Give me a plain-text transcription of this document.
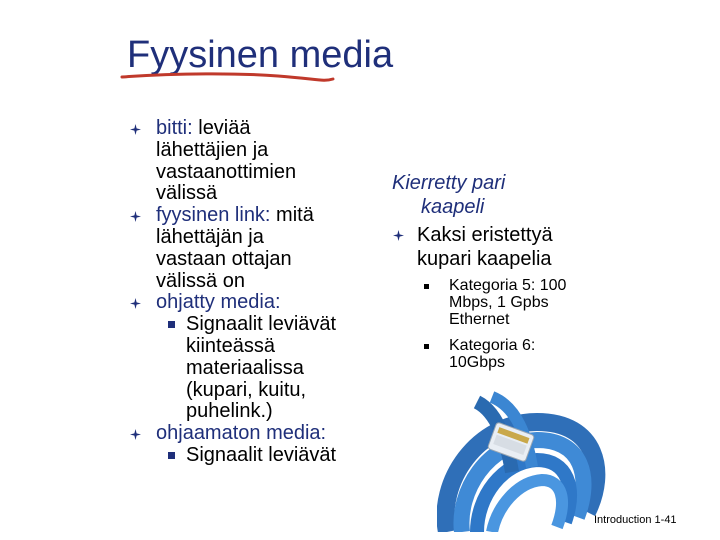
Fyysinen media
bitti: leviää
lähettäjien ja
vastaanottimien
välissä
fyysinen link: mitä
lähettäjän ja
vastaan ottajan
välissä on
ohjatty media:
Signaalit leviävät
kiinteässä
materiaalissa
(kupari, kuitu,
puhelink.)
ohjaamaton media:
Signaalit leviävät
Kierretty pari
kaapeli
Kaksi eristettyä
kupari kaapelia
Kategoria 5: 100
Mbps, 1 Gpbs
Ethernet
Kategoria 6:
10Gbps
Introduction 1-41
